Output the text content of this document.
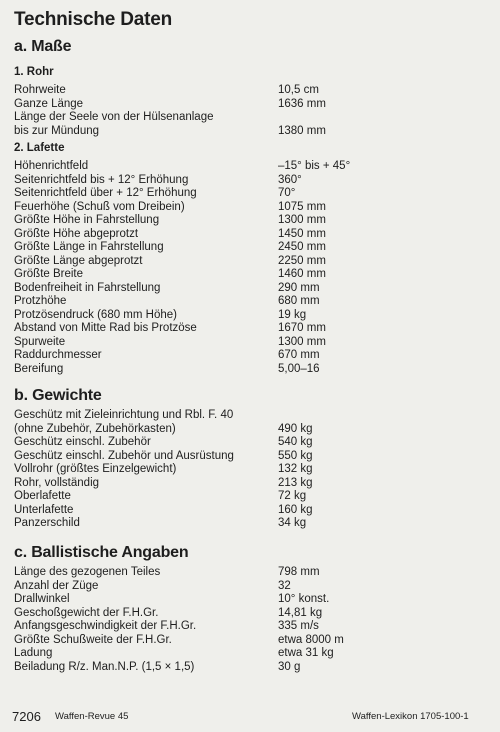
Technische Daten
a. Maße
1. Rohr
Rohrweite	10,5 cm
Ganze Länge	1636 mm
Länge der Seele von der Hülsenanlage
bis zur Mündung	1380 mm
2. Lafette
Höhenrichtfeld	–15° bis + 45°
Seitenrichtfeld bis + 12° Erhöhung	360°
Seitenrichtfeld über + 12° Erhöhung	70°
Feuerhöhe (Schuß vom Dreibein)	1075 mm
Größte Höhe in Fahrstellung	1300 mm
Größte Höhe abgeprotzt	1450 mm
Größte Länge in Fahrstellung	2450 mm
Größte Länge abgeprotzt	2250 mm
Größte Breite	1460 mm
Bodenfreiheit in Fahrstellung	290 mm
Protzhöhe	680 mm
Protzösendruck (680 mm Höhe)	19 kg
Abstand von Mitte Rad bis Protzöse	1670 mm
Spurweite	1300 mm
Raddurchmesser	670 mm
Bereifung	5,00–16
b. Gewichte
Geschütz mit Zieleinrichtung und Rbl. F. 40
(ohne Zubehör, Zubehörkasten)	490 kg
Geschütz einschl. Zubehör	540 kg
Geschütz einschl. Zubehör und Ausrüstung	550 kg
Vollrohr (größtes Einzelgewicht)	132 kg
Rohr, vollständig	213 kg
Oberlafette	72 kg
Unterlafette	160 kg
Panzerschild	34 kg
c. Ballistische Angaben
Länge des gezogenen Teiles	798 mm
Anzahl der Züge	32
Drallwinkel	10° konst.
Geschoßgewicht der F.H.Gr.	14,81 kg
Anfangsgeschwindigkeit der F.H.Gr.	335 m/s
Größte Schußweite der F.H.Gr.	etwa 8000 m
Ladung	etwa 31 kg
Beiladung R/z. Man.N.P. (1,5 × 1,5)	30 g
7206 Waffen-Revue 45	Waffen-Lexikon 1705-100-1
